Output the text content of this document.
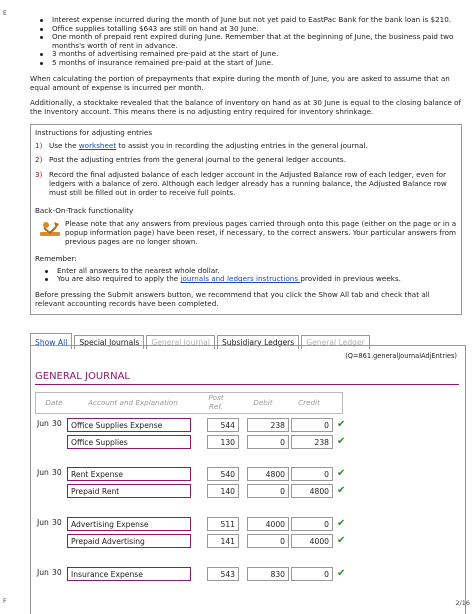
E
F	2/16
Interest expense incurred during the month of June but not yet paid to EastPac Bank for the bank loan is $210.
Office supplies totalling $643 are still on hand at 30 June.
One month of prepaid rent expired during June. Remember that at the beginning of June, the business paid two months's worth of rent in advance.
3 months of advertising remained pre-paid at the start of June.
5 months of insurance remained pre-paid at the start of June.

When calculating the portion of prepayments that expire during the month of June, you are asked to assume that an equal amount of expense is incurred per month.

Additionally, a stocktake revealed that the balance of inventory on hand as at 30 June is equal to the closing balance of the Inventory account. This means there is no adjusting entry required for inventory shrinkage.

Instructions for adjusting entries
1) Use the worksheet to assist you in recording the adjusting entries in the general journal.
2) Post the adjusting entries from the general journal to the general ledger accounts.
3) Record the final adjusted balance of each ledger account in the Adjusted Balance row of each ledger, even for ledgers with a balance of zero. Although each ledger already has a running balance, the Adjusted Balance row must still be filled out in order to receive full points.
Back-On-Track functionality
Please note that any answers from previous pages carried through onto this page (either on the page or in a popup information page) have been reset, if necessary, to the correct answers. Your particular answers from previous pages are no longer shown.
Remember:
Enter all answers to the nearest whole dollar.
You are also required to apply the journals and ledgers instructions provided in previous weeks.

Before pressing the Submit answers button, we recommend that you click the Show All tab and check that all relevant accounting records have been completed.

Show All	Special Journals	General Journal	Subsidiary Ledgers	General Ledger
(Q=861.generalJournalAdjEntries)
GENERAL JOURNAL
Date	Account and Explanation
Post Ref.	Debit	Credit
Jun 30	Office Supplies Expense	544	238	0 ✔
Office Supplies	130	0	238 ✔
Jun 30	Rent Expense	540	4800	0 ✔
Prepaid Rent	140	0	4800 ✔
Jun 30	Advertising Expense	511	4000	0 ✔
Prepaid Advertising	141	0	4000 ✔
Jun 30	Insurance Expense	543	830	0 ✔
